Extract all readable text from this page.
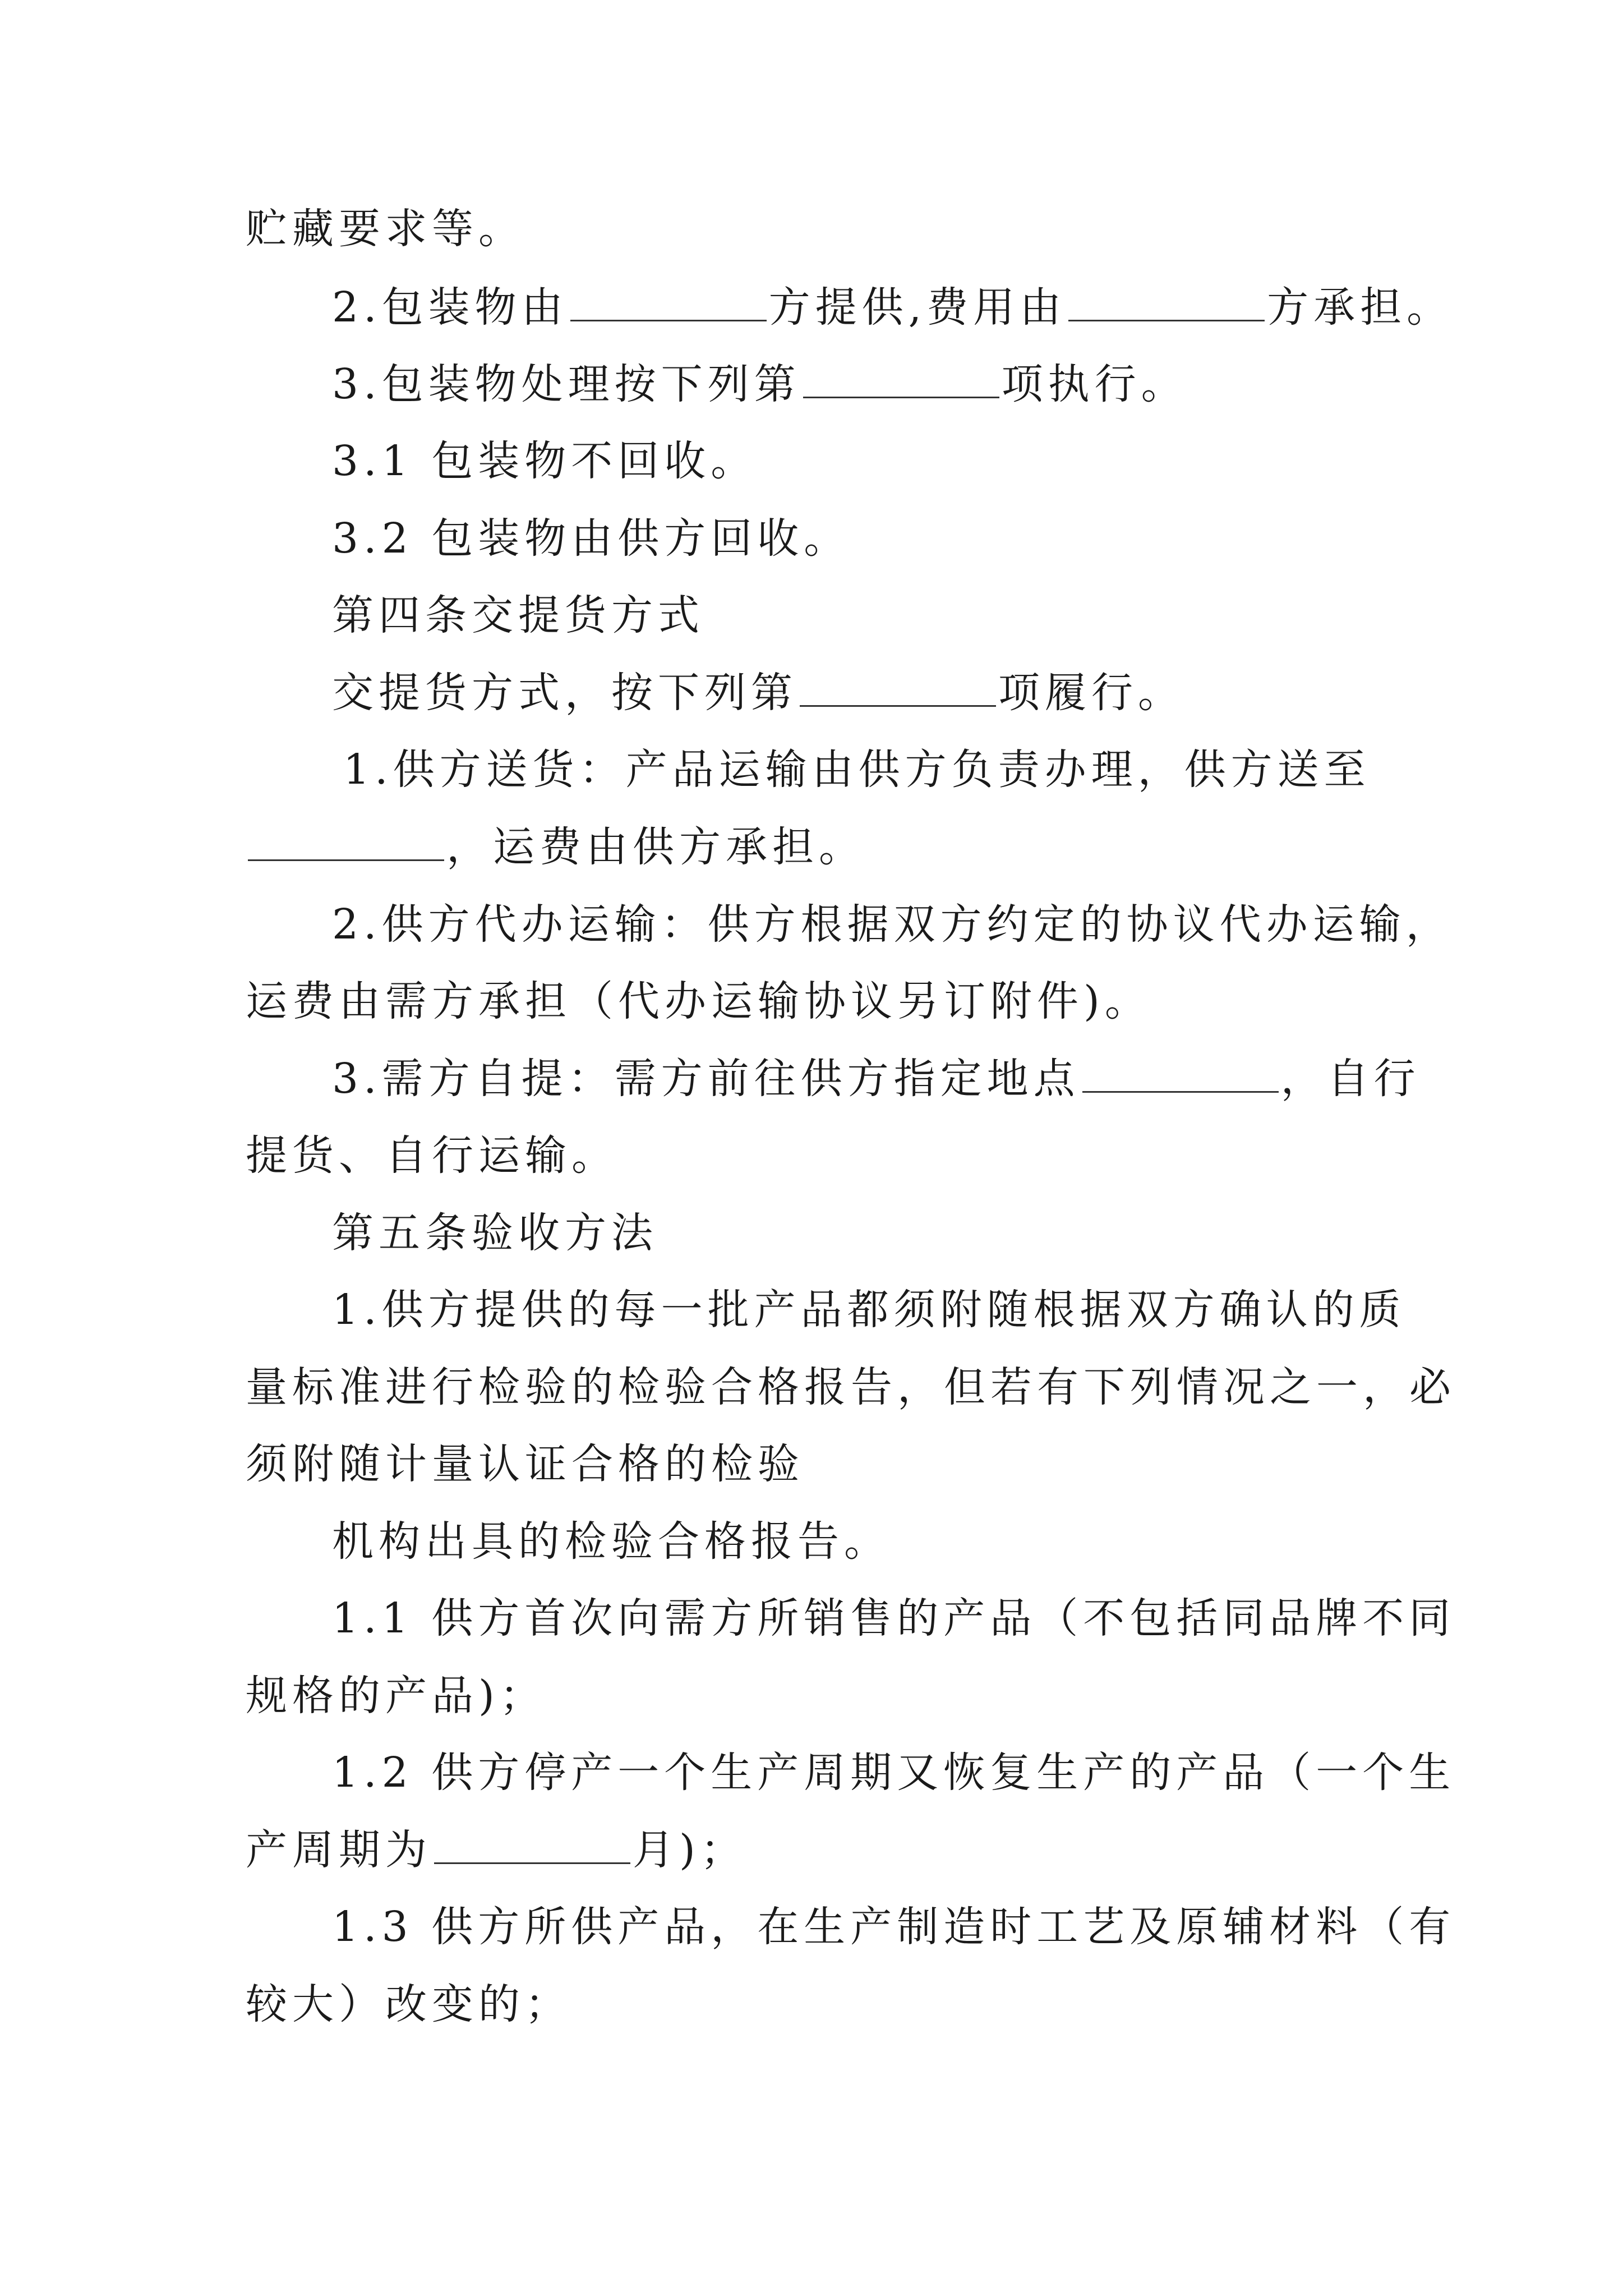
贮藏要求等。
2.包装物由	方提供,费用由	方承担。
3.包装物处理按下列第	项执行。
3.1 包装物不回收。
3.2 包装物由供方回收。
第四条交提货方式
交提货方式，按下列第	项履行。
1.供方送货：产品运输由供方负责办理，供方送至
，运费由供方承担。
2.供方代办运输：供方根据双方约定的协议代办运输，
运费由需方承担（代办运输协议另订附件)。
3.需方自提：需方前往供方指定地点	，自行
提货、自行运输。
第五条验收方法
1.供方提供的每一批产品都须附随根据双方确认的质
量标准进行检验的检验合格报告，但若有下列情况之一，必
须附随计量认证合格的检验
机构出具的检验合格报告。
1.1 供方首次向需方所销售的产品（不包括同品牌不同
规格的产品)；
1.2 供方停产一个生产周期又恢复生产的产品（一个生
产周期为	月)；
1.3 供方所供产品，在生产制造时工艺及原辅材料（有
较大）改变的；
